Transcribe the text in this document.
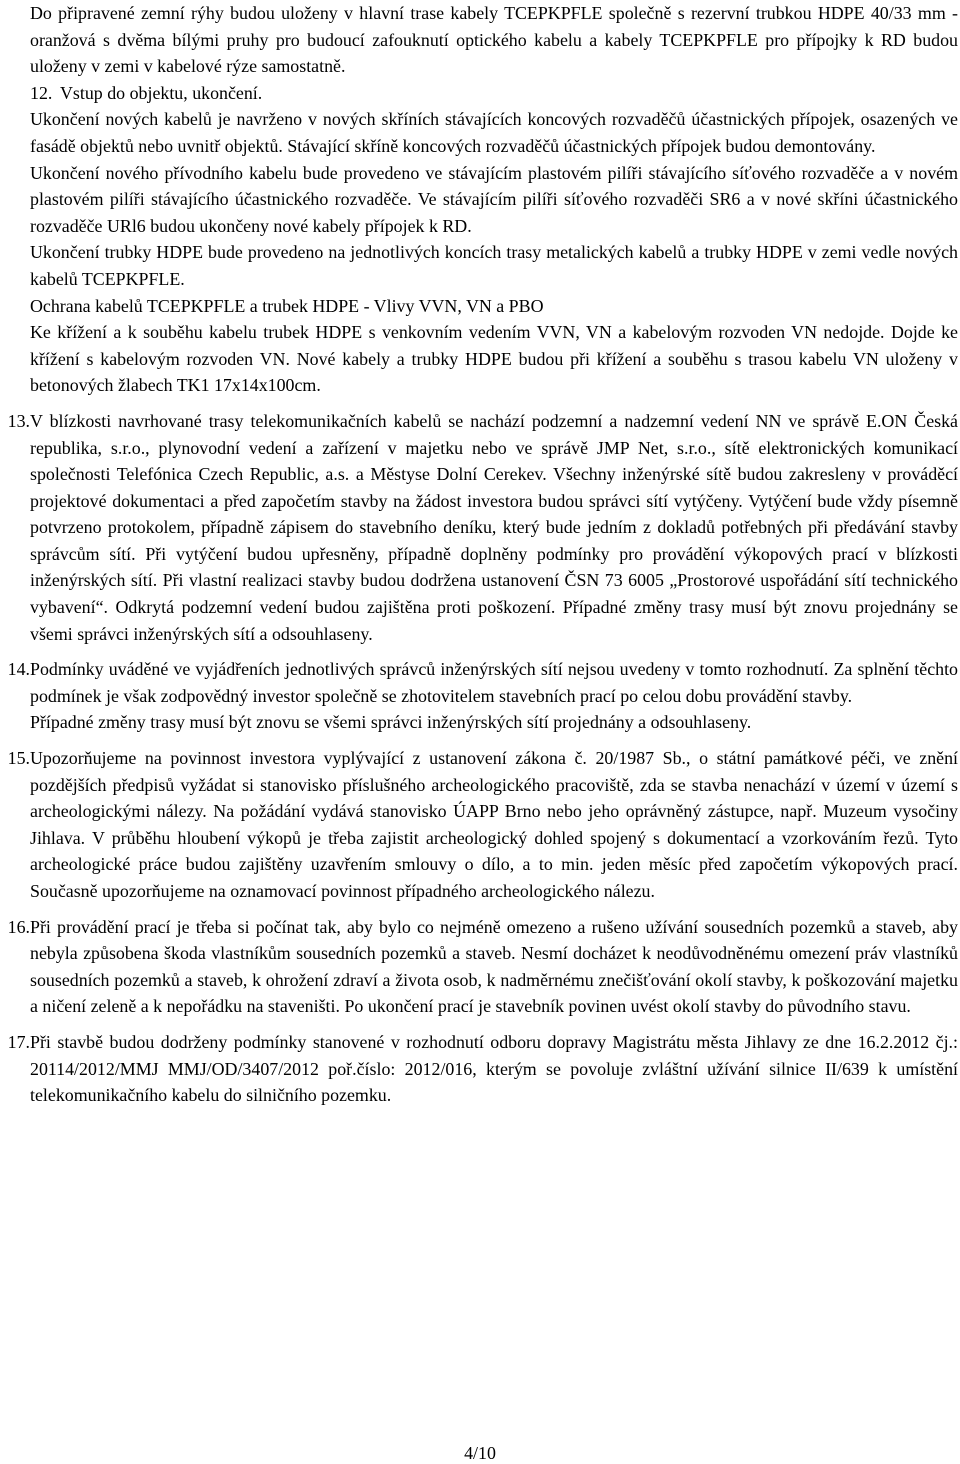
Do připravené zemní rýhy budou uloženy v hlavní trase kabely TCEPKPFLE společně s rezervní trubkou HDPE 40/33 mm - oranžová s dvěma bílými pruhy pro budoucí zafouknutí optického kabelu a kabely TCEPKPFLE pro přípojky k RD budou uloženy v zemi v kabelové rýze samostatně.

12. Vstup do objektu, ukončení.

Ukončení nových kabelů je navrženo v nových skříních stávajících koncových rozvaděčů účastnických přípojek, osazených ve fasádě objektů nebo uvnitř objektů. Stávající skříně koncových rozvaděčů účastnických přípojek budou demontovány.

Ukončení nového přívodního kabelu bude provedeno ve stávajícím plastovém pilíři stávajícího síťového rozvaděče a v novém plastovém pilíři stávajícího účastnického rozvaděče. Ve stávajícím pilíři síťového rozvaděči SR6 a v nové skříni účastnického rozvaděče URl6 budou ukončeny nové kabely přípojek k RD.

Ukončení trubky HDPE bude provedeno na jednotlivých koncích trasy metalických kabelů a trubky HDPE v zemi vedle nových kabelů TCEPKPFLE.

Ochrana kabelů TCEPKPFLE a trubek HDPE - Vlivy VVN, VN a PBO

Ke křížení a k souběhu kabelu trubek HDPE s venkovním vedením VVN, VN a kabelovým rozvoden VN nedojde. Dojde ke křížení s kabelovým rozvoden VN. Nové kabely a trubky HDPE budou při křížení a souběhu s trasou kabelu VN uloženy v betonových žlabech TK1 17x14x100cm.

13. V blízkosti navrhované trasy telekomunikačních kabelů se nachází podzemní a nadzemní vedení NN ve správě E.ON Česká republika, s.r.o., plynovodní vedení a zařízení v majetku nebo ve správě JMP Net, s.r.o., sítě elektronických komunikací společnosti Telefónica Czech Republic, a.s. a Městyse Dolní Cerekev. Všechny inženýrské sítě budou zakresleny v prováděcí projektové dokumentaci a před započetím stavby na žádost investora budou správci sítí vytýčeny. Vytýčení bude vždy písemně potvrzeno protokolem, případně zápisem do stavebního deníku, který bude jedním z dokladů potřebných při předávání stavby správcům sítí. Při vytýčení budou upřesněny, případně doplněny podmínky pro provádění výkopových prací v blízkosti inženýrských sítí. Při vlastní realizaci stavby budou dodržena ustanovení ČSN 73 6005 „Prostorové uspořádání sítí technického vybavení“. Odkrytá podzemní vedení budou zajištěna proti poškození. Případné změny trasy musí být znovu projednány se všemi správci inženýrských sítí a odsouhlaseny.

14. Podmínky uváděné ve vyjádřeních jednotlivých správců inženýrských sítí nejsou uvedeny v tomto rozhodnutí. Za splnění těchto podmínek je však zodpovědný investor společně se zhotovitelem stavebních prací po celou dobu provádění stavby.

Případné změny trasy musí být znovu se všemi správci inženýrských sítí projednány a odsouhlaseny.

15. Upozorňujeme na povinnost investora vyplývající z ustanovení zákona č. 20/1987 Sb., o státní památkové péči, ve znění pozdějších předpisů vyžádat si stanovisko příslušného archeologického pracoviště, zda se stavba nenachází v území v území s archeologickými nálezy. Na požádání vydává stanovisko ÚAPP Brno nebo jeho oprávněný zástupce, např. Muzeum vysočiny Jihlava. V průběhu hloubení výkopů je třeba zajistit archeologický dohled spojený s dokumentací a vzorkováním řezů. Tyto archeologické práce budou zajištěny uzavřením smlouvy o dílo, a to min. jeden měsíc před započetím výkopových prací. Současně upozorňujeme na oznamovací povinnost případného archeologického nálezu.

16. Při provádění prací je třeba si počínat tak, aby bylo co nejméně omezeno a rušeno užívání sousedních pozemků a staveb, aby nebyla způsobena škoda vlastníkům sousedních pozemků a staveb. Nesmí docházet k neodůvodněnému omezení práv vlastníků sousedních pozemků a staveb, k ohrožení zdraví a života osob, k nadměrnému znečišťování okolí stavby, k poškozování majetku a ničení zeleně a k nepořádku na staveništi. Po ukončení prací je stavebník povinen uvést okolí stavby do původního stavu.

17. Při stavbě budou dodrženy podmínky stanovené v rozhodnutí odboru dopravy Magistrátu města Jihlavy ze dne 16.2.2012 čj.: 20114/2012/MMJ MMJ/OD/3407/2012 poř.číslo: 2012/016, kterým se povoluje zvláštní užívání silnice II/639 k umístění telekomunikačního kabelu do silničního pozemku.

4/10
